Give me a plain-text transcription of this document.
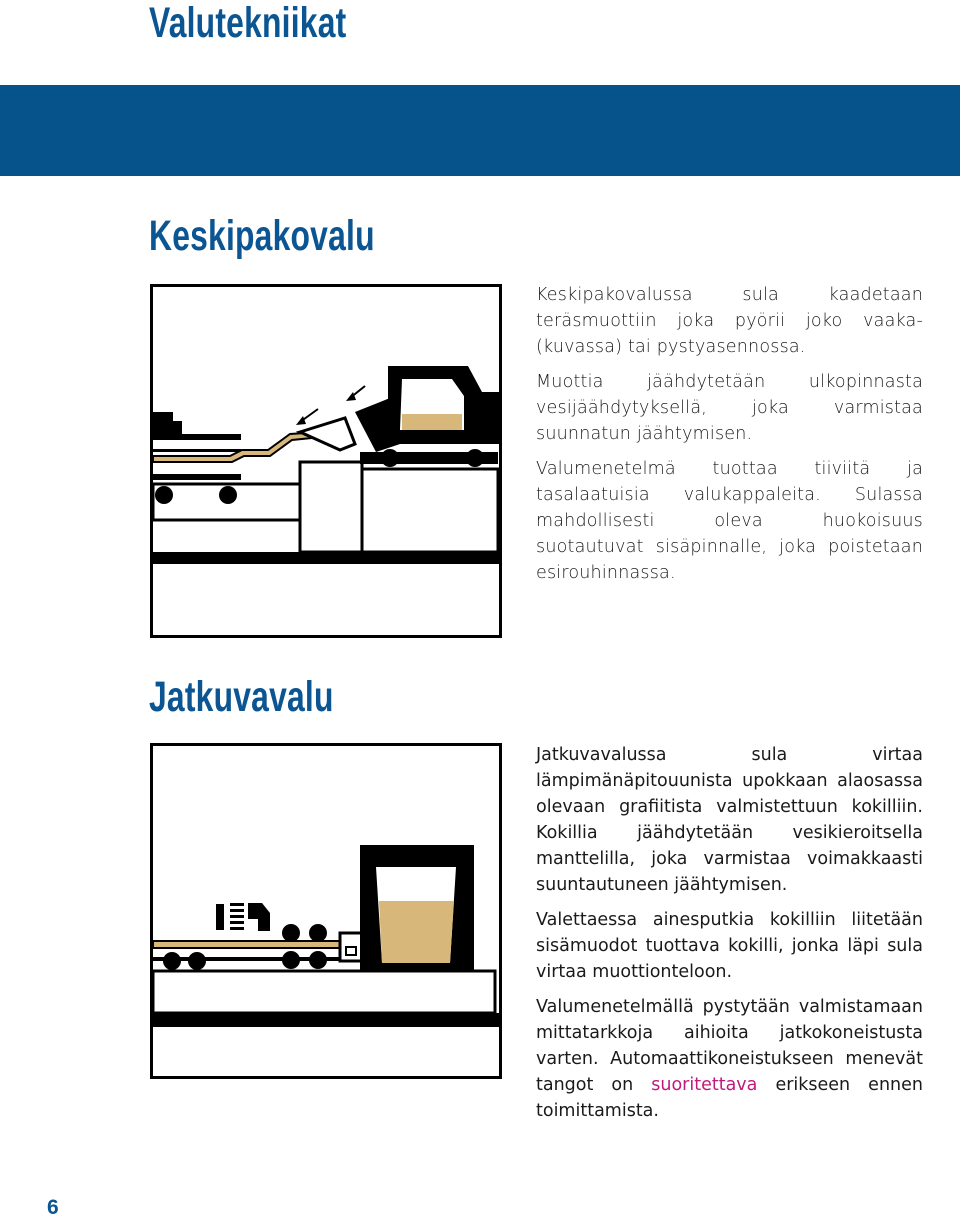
Valutekniikat
Keskipakovalu

Keskipakovalussa sula kaadetaan teräsmuottiin joka pyörii joko vaaka- (kuvassa) tai pystyasennossa.

Muottia jäähdytetään ulkopinnasta vesijäähdytyksellä, joka varmistaa suunnatun jäähtymisen.

Valumenetelmä tuottaa tiiviitä ja tasalaatuisia valukappaleita. Sulassa mahdollisesti oleva huokoisuus suotautuvat sisäpinnalle, joka poistetaan esirouhinnassa.

Jatkuvavalu

Jatkuvavalussa sula virtaa lämpimänäpitouunista upokkaan alaosassa olevaan grafiitista valmistettuun kokilliin. Kokillia jäähdytetään vesikieroitsella manttelilla, joka varmistaa voimakkaasti suuntautuneen jäähtymisen.

Valettaessa ainesputkia kokilliin liitetään sisämuodot tuottava kokilli, jonka läpi sula virtaa muottionteloon.

Valumenetelmällä pystytään valmistamaan mittatarkkoja aihioita jatkokoneistusta varten. Automaattikoneistukseen menevät tangot on suoritettava erikseen ennen toimittamista.

6
